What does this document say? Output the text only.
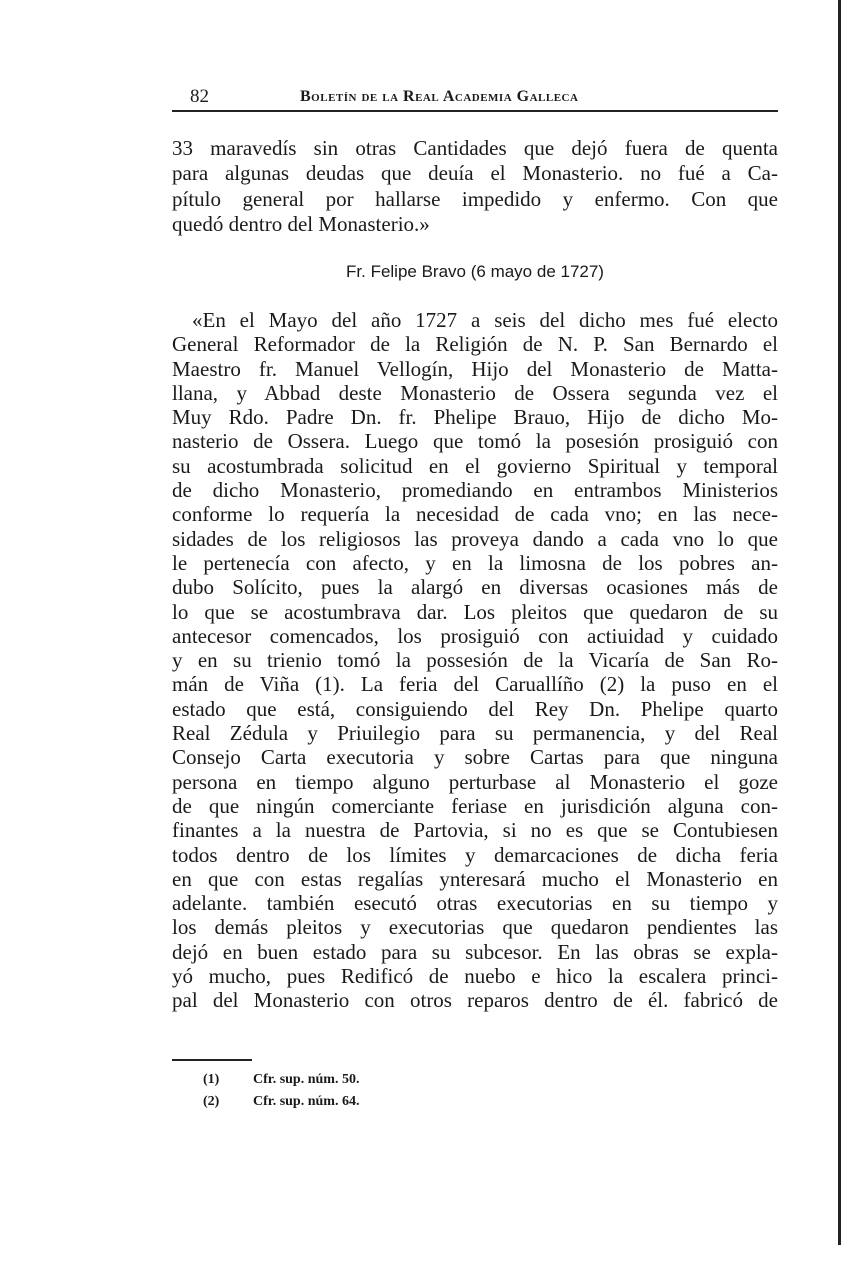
82	Boletín de la Real Academia Galleca
33 maravedís sin otras Cantidades que dejó fuera de quenta
para algunas deudas que deuía el Monasterio. no fué a Ca-
pítulo general por hallarse impedido y enfermo. Con que
quedó dentro del Monasterio.»
Fr. Felipe Bravo (6 mayo de 1727)
«En el Mayo del año 1727 a seis del dicho mes fué electo
General Reformador de la Religión de N. P. San Bernardo el
Maestro fr. Manuel Vellogín, Hijo del Monasterio de Matta-
llana, y Abbad deste Monasterio de Ossera segunda vez el
Muy Rdo. Padre Dn. fr. Phelipe Brauo, Hijo de dicho Mo-
nasterio de Ossera. Luego que tomó la posesión prosiguió con
su acostumbrada solicitud en el govierno Spiritual y temporal
de dicho Monasterio, promediando en entrambos Ministerios
conforme lo requería la necesidad de cada vno; en las nece-
sidades de los religiosos las proveya dando a cada vno lo que
le pertenecía con afecto, y en la limosna de los pobres an-
dubo Solícito, pues la alargó en diversas ocasiones más de
lo que se acostumbrava dar. Los pleitos que quedaron de su
antecesor comencados, los prosiguió con actiuidad y cuidado
y en su trienio tomó la possesión de la Vicaría de San Ro-
mán de Viña (1). La feria del Caruallíño (2) la puso en el
estado que está, consiguiendo del Rey Dn. Phelipe quarto
Real Zédula y Priuilegio para su permanencia, y del Real
Consejo Carta executoria y sobre Cartas para que ninguna
persona en tiempo alguno perturbase al Monasterio el goze
de que ningún comerciante feriase en jurisdición alguna con-
finantes a la nuestra de Partovia, si no es que se Contubiesen
todos dentro de los límites y demarcaciones de dicha feria
en que con estas regalías ynteresará mucho el Monasterio en
adelante. también esecutó otras executorias en su tiempo y
los demás pleitos y executorias que quedaron pendientes las
dejó en buen estado para su subcesor. En las obras se expla-
yó mucho, pues Redificó de nuebo e hico la escalera princi-
pal del Monasterio con otros reparos dentro de él. fabricó de
(1) Cfr. sup. núm. 50.
(2) Cfr. sup. núm. 64.
